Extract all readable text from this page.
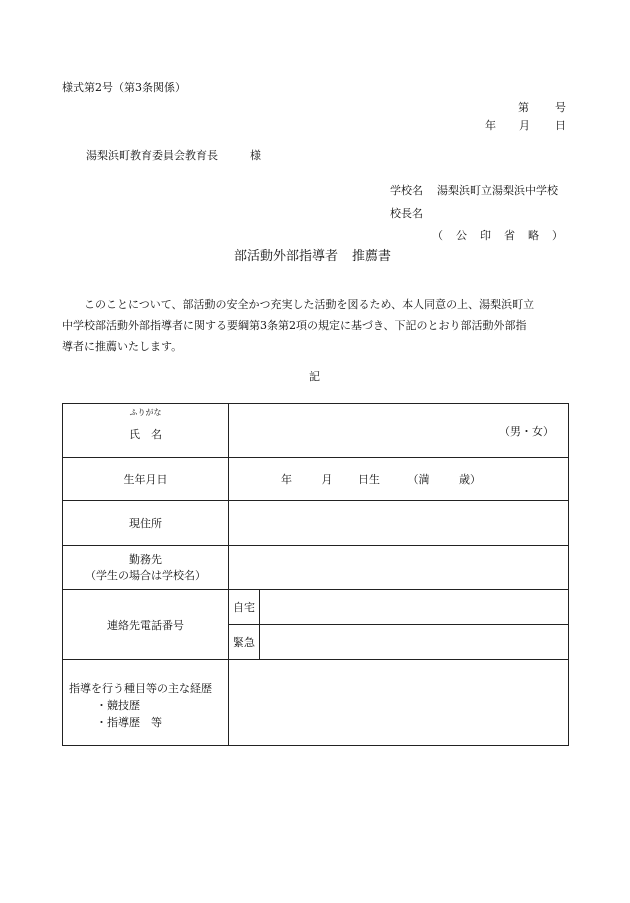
様式第2号（第3条関係）
第 号
年 月 日
湯梨浜町教育委員会教育長	様
学校名 湯梨浜町立湯梨浜中学校
校長名
（　公　印　省　略　）
部活動外部指導者 推薦書
このことについて、部活動の安全かつ充実した活動を図るため、本人同意の上、湯梨浜町立
中学校部活動外部指導者に関する要綱第3条第2項の規定に基づき、下記のとおり部活動外部指
導者に推薦いたします。
記
ふりがな
氏　名	（男・女）	
生年月日	年 月 日生 （満 歳）	
現住所		

勤務先
（学生の場合は学校名）		

連絡先電話番号	自宅	
	緊急	

指導を行う種目等の主な経歴
・競技歴
・指導歴　等		
